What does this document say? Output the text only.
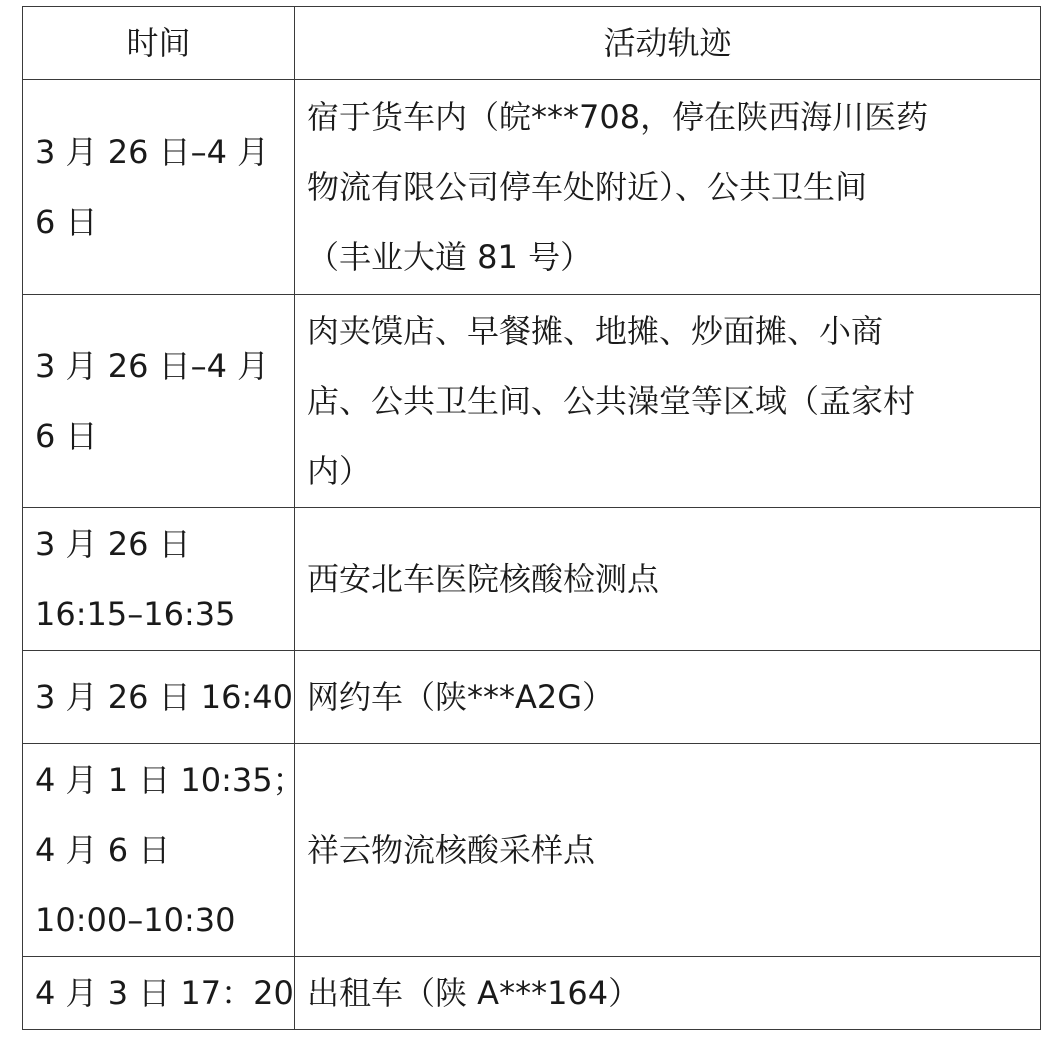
时间	活动轨迹

3 月 26 日–4 月
6 日	宿于货车内（皖***708，停在陕西海川医药
物流有限公司停车处附近）、公共卫生间
（丰业大道 81 号）

3 月 26 日–4 月
6 日	肉夹馍店、早餐摊、地摊、炒面摊、小商
店、公共卫生间、公共澡堂等区域（孟家村
内）

3 月 26 日
16:15–16:35	西安北车医院核酸检测点

3 月 26 日 16:40	网约车（陕***A2G）

4 月 1 日 10:35；
4 月 6 日
10:00–10:30	祥云物流核酸采样点

4 月 3 日 17：20	出租车（陕 A***164）
